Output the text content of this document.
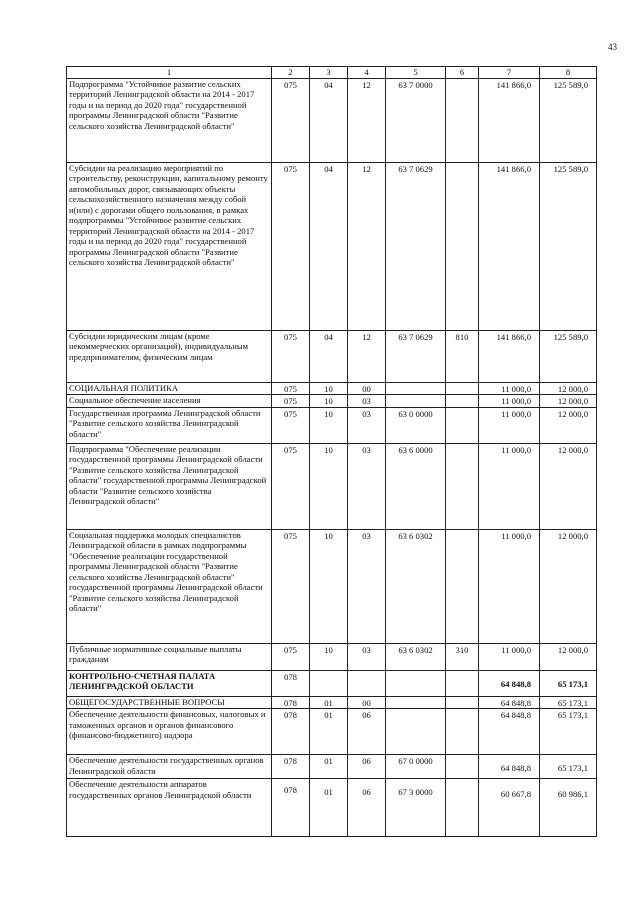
43
1	2	3	4	5	6	7	8
Подпрограмма "Устойчивое развитие сельских территорий Ленинградской области на 2014 - 2017 годы и на период до 2020 года" государственной программы Ленинградской области "Развитие сельского хозяйства Ленинградской области"	075	04	12	63 7 0000		141 866,0	125 589,0
Субсидии на реализацию мероприятий по строительству, реконструкции, капитальному ремонту автомобильных дорог, связывающих объекты сельскохозяйственного назначения между собой и(или) с дорогами общего пользования, в рамках подпрограммы "Устойчивое развитие сельских территорий Ленинградской области на 2014 - 2017 годы и на период до 2020 года" государственной программы Ленинградской области "Развитие сельского хозяйства Ленинградской области"	075	04	12	63 7 0629		141 866,0	125 589,0
Субсидии юридическим лицам (кроме некоммерческих организаций), индивидуальным предпринимателям, физическим лицам	075	04	12	63 7 0629	810	141 866,0	125 589,0
СОЦИАЛЬНАЯ ПОЛИТИКА	075	10	00			11 000,0	12 000,0
Социальное обеспечение населения	075	10	03			11 000,0	12 000,0
Государственная программа Ленинградской области "Развитие сельского хозяйства Ленинградской области"	075	10	03	63 0 0000		11 000,0	12 000,0
Подпрограмма "Обеспечение реализации государственной программы Ленинградской области "Развитие сельского хозяйства Ленинградской области" государственной программы Ленинградской области "Развитие сельского хозяйства Ленинградской области"	075	10	03	63 6 0000		11 000,0	12 000,0
Социальная поддержка молодых специалистов Ленинградской области в рамках подпрограммы "Обеспечение реализации государственной программы Ленинградской области "Развитие сельского хозяйства Ленинградской области" государственной программы Ленинградской области "Развитие сельского хозяйства Ленинградской области"	075	10	03	63 6 0302		11 000,0	12 000,0
Публичные нормативные социальные выплаты гражданам	075	10	03	63 6 0302	310	11 000,0	12 000,0
КОНТРОЛЬНО-СЧЕТНАЯ ПАЛАТА ЛЕНИНГРАДСКОЙ ОБЛАСТИ	078					64 848,8	65 173,1
ОБЩЕГОСУДАРСТВЕННЫЕ ВОПРОСЫ	078	01	00			64 848,8	65 173,1
Обеспечение деятельности финансовых, налоговых и таможенных органов и органов финансового (финансово-бюджетного) надзора	078	01	06			64 848,8	65 173,1
Обеспечение деятельности государственных органов Ленинградской области	078	01	06	67 0 0000		64 848,8	65 173,1
Обеспечение деятельности аппаратов государственных органов Ленинградской области	078	01	06	67 3 0000		60 667,8	60 986,1
